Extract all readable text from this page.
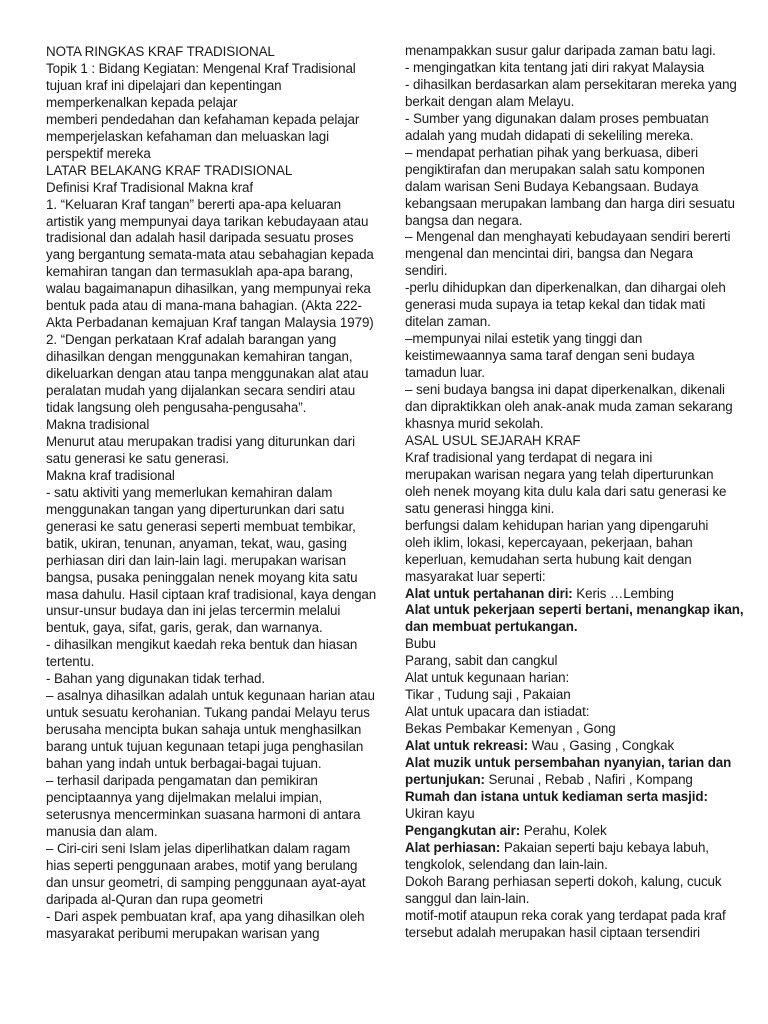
NOTA RINGKAS KRAF TRADISIONAL
Topik 1 : Bidang Kegiatan: Mengenal Kraf Tradisional
tujuan kraf ini dipelajari dan kepentingan
memperkenalkan kepada pelajar
memberi pendedahan dan kefahaman kepada pelajar
memperjelaskan kefahaman dan meluaskan lagi
perspektif mereka
LATAR BELAKANG KRAF TRADISIONAL
Definisi Kraf Tradisional Makna kraf
1. “Keluaran Kraf tangan” bererti apa-apa keluaran
artistik yang mempunyai daya tarikan kebudayaan atau
tradisional dan adalah hasil daripada sesuatu proses
yang bergantung semata-mata atau sebahagian kepada
kemahiran tangan dan termasuklah apa-apa barang,
walau bagaimanapun dihasilkan, yang mempunyai reka
bentuk pada atau di mana-mana bahagian. (Akta 222-
Akta Perbadanan kemajuan Kraf tangan Malaysia 1979)
2. “Dengan perkataan Kraf adalah barangan yang
dihasilkan dengan menggunakan kemahiran tangan,
dikeluarkan dengan atau tanpa menggunakan alat atau
peralatan mudah yang dijalankan secara sendiri atau
tidak langsung oleh pengusaha-pengusaha”.
Makna tradisional
Menurut atau merupakan tradisi yang diturunkan dari
satu generasi ke satu generasi.
Makna kraf tradisional
- satu aktiviti yang memerlukan kemahiran dalam
menggunakan tangan yang diperturunkan dari satu
generasi ke satu generasi seperti membuat tembikar,
batik, ukiran, tenunan, anyaman, tekat, wau, gasing
perhiasan diri dan lain-lain lagi. merupakan warisan
bangsa, pusaka peninggalan nenek moyang kita satu
masa dahulu. Hasil ciptaan kraf tradisional, kaya dengan
unsur-unsur budaya dan ini jelas tercermin melalui
bentuk, gaya, sifat, garis, gerak, dan warnanya.
- dihasilkan mengikut kaedah reka bentuk dan hiasan
tertentu.
- Bahan yang digunakan tidak terhad.
– asalnya dihasilkan adalah untuk kegunaan harian atau
untuk sesuatu kerohanian. Tukang pandai Melayu terus
berusaha mencipta bukan sahaja untuk menghasilkan
barang untuk tujuan kegunaan tetapi juga penghasilan
bahan yang indah untuk berbagai-bagai tujuan.
– terhasil daripada pengamatan dan pemikiran
penciptaannya yang dijelmakan melalui impian,
seterusnya mencerminkan suasana harmoni di antara
manusia dan alam.
– Ciri-ciri seni Islam jelas diperlihatkan dalam ragam
hias seperti penggunaan arabes, motif yang berulang
dan unsur geometri, di samping penggunaan ayat-ayat
daripada al-Quran dan rupa geometri
- Dari aspek pembuatan kraf, apa yang dihasilkan oleh
masyarakat peribumi merupakan warisan yang
menampakkan susur galur daripada zaman batu lagi.
- mengingatkan kita tentang jati diri rakyat Malaysia
- dihasilkan berdasarkan alam persekitaran mereka yang
berkait dengan alam Melayu.
- Sumber yang digunakan dalam proses pembuatan
adalah yang mudah didapati di sekeliling mereka.
– mendapat perhatian pihak yang berkuasa, diberi
pengiktirafan dan merupakan salah satu komponen
dalam warisan Seni Budaya Kebangsaan. Budaya
kebangsaan merupakan lambang dan harga diri sesuatu
bangsa dan negara.
– Mengenal dan menghayati kebudayaan sendiri bererti
mengenal dan mencintai diri, bangsa dan Negara
sendiri.
-perlu dihidupkan dan diperkenalkan, dan dihargai oleh
generasi muda supaya ia tetap kekal dan tidak mati
ditelan zaman.
–mempunyai nilai estetik yang tinggi dan
keistimewaannya sama taraf dengan seni budaya
tamadun luar.
– seni budaya bangsa ini dapat diperkenalkan, dikenali
dan dipraktikkan oleh anak-anak muda zaman sekarang
khasnya murid sekolah.
ASAL USUL SEJARAH KRAF
Kraf tradisional yang terdapat di negara ini
merupakan warisan negara yang telah diperturunkan
oleh nenek moyang kita dulu kala dari satu generasi ke
satu generasi hingga kini.
berfungsi dalam kehidupan harian yang dipengaruhi
oleh iklim, lokasi, kepercayaan, pekerjaan, bahan
keperluan, kemudahan serta hubung kait dengan
masyarakat luar seperti:
Alat untuk pertahanan diri: Keris …Lembing
Alat untuk pekerjaan seperti bertani, menangkap ikan,
dan membuat pertukangan.
Bubu
Parang, sabit dan cangkul
Alat untuk kegunaan harian:
Tikar , Tudung saji , Pakaian
Alat untuk upacara dan istiadat:
Bekas Pembakar Kemenyan , Gong
Alat untuk rekreasi: Wau , Gasing , Congkak
Alat muzik untuk persembahan nyanyian, tarian dan
pertunjukan: Serunai , Rebab , Nafiri , Kompang
Rumah dan istana untuk kediaman serta masjid:
Ukiran kayu
Pengangkutan air: Perahu, Kolek
Alat perhiasan: Pakaian seperti baju kebaya labuh,
tengkolok, selendang dan lain-lain.
Dokoh Barang perhiasan seperti dokoh, kalung, cucuk
sanggul dan lain-lain.
motif-motif ataupun reka corak yang terdapat pada kraf
tersebut adalah merupakan hasil ciptaan tersendiri
